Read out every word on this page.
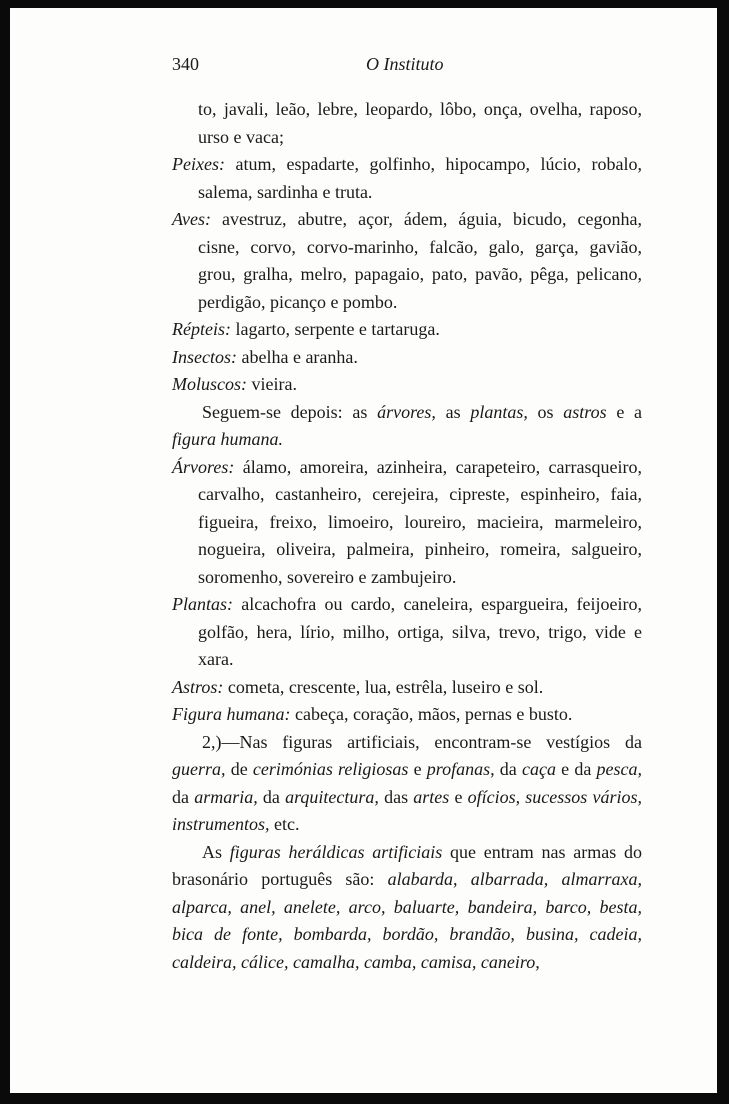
340	O Instituto
to, javali, leão, lebre, leopardo, lôbo, onça, ovelha, raposo, urso e vaca;
Peixes: atum, espadarte, golfinho, hipocampo, lúcio, robalo, salema, sardinha e truta.
Aves: avestruz, abutre, açor, ádem, águia, bicudo, cegonha, cisne, corvo, corvo-marinho, falcão, galo, garça, gavião, grou, gralha, melro, papagaio, pato, pavão, pêga, pelicano, perdigão, picanço e pombo.
Répteis: lagarto, serpente e tartaruga.
Insectos: abelha e aranha.
Moluscos: vieira.
Seguem-se depois: as árvores, as plantas, os astros e a figura humana.
Árvores: álamo, amoreira, azinheira, carapeteiro, carrasqueiro, carvalho, castanheiro, cerejeira, cipreste, espinheiro, faia, figueira, freixo, limoeiro, loureiro, macieira, marmeleiro, nogueira, oliveira, palmeira, pinheiro, romeira, salgueiro, soromenho, sovereiro e zambujeiro.
Plantas: alcachofra ou cardo, caneleira, espargueira, feijoeiro, golfão, hera, lírio, milho, ortiga, silva, trevo, trigo, vide e xara.
Astros: cometa, crescente, lua, estrêla, luseiro e sol.
Figura humana: cabeça, coração, mãos, pernas e busto.
2,)—Nas figuras artificiais, encontram-se vestígios da guerra, de cerimónias religiosas e profanas, da caça e da pesca, da armaria, da arquitectura, das artes e ofícios, sucessos vários, instrumentos, etc.
As figuras heráldicas artificiais que entram nas armas do brasonário português são: alabarda, albarrada, almarraxa, alparca, anel, anelete, arco, baluarte, bandeira, barco, besta, bica de fonte, bombarda, bordão, brandão, busina, cadeia, caldeira, cálice, camalha, camba, camisa, caneiro,
